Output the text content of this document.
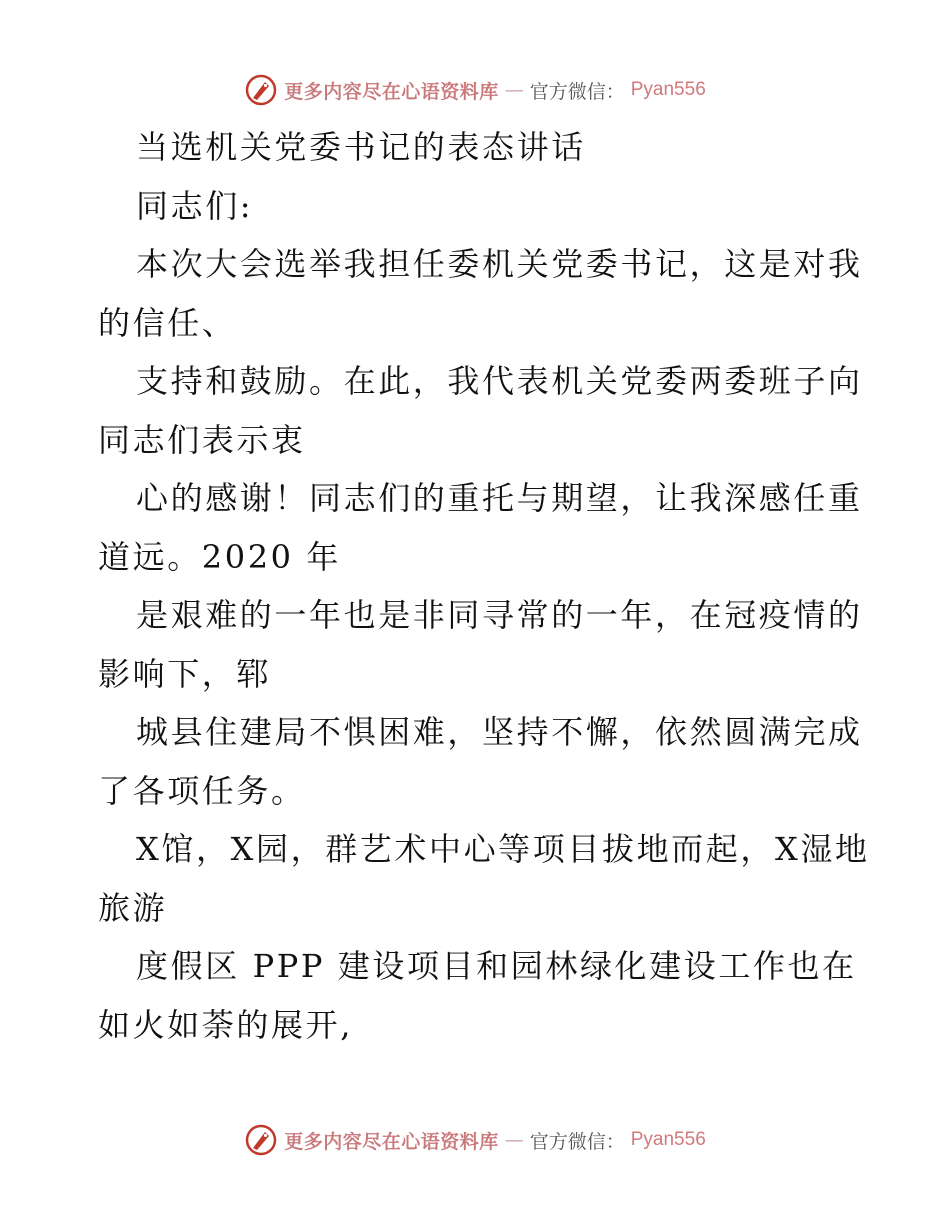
更多内容尽在心语资料库 — 官方微信： Pyan556
当选机关党委书记的表态讲话
同志们:
本次大会选举我担任委机关党委书记，这是对我
的信任、
支持和鼓励。在此，我代表机关党委两委班子向
同志们表示衷
心的感谢！同志们的重托与期望，让我深感任重
道远。2020 年
是艰难的一年也是非同寻常的一年，在冠疫情的
影响下，郓
城县住建局不惧困难，坚持不懈，依然圆满完成
了各项任务。
X馆，X园，群艺术中心等项目拔地而起，X湿地
旅游
度假区 PPP 建设项目和园林绿化建设工作也在
如火如荼的展开,
更多内容尽在心语资料库 — 官方微信： Pyan556
